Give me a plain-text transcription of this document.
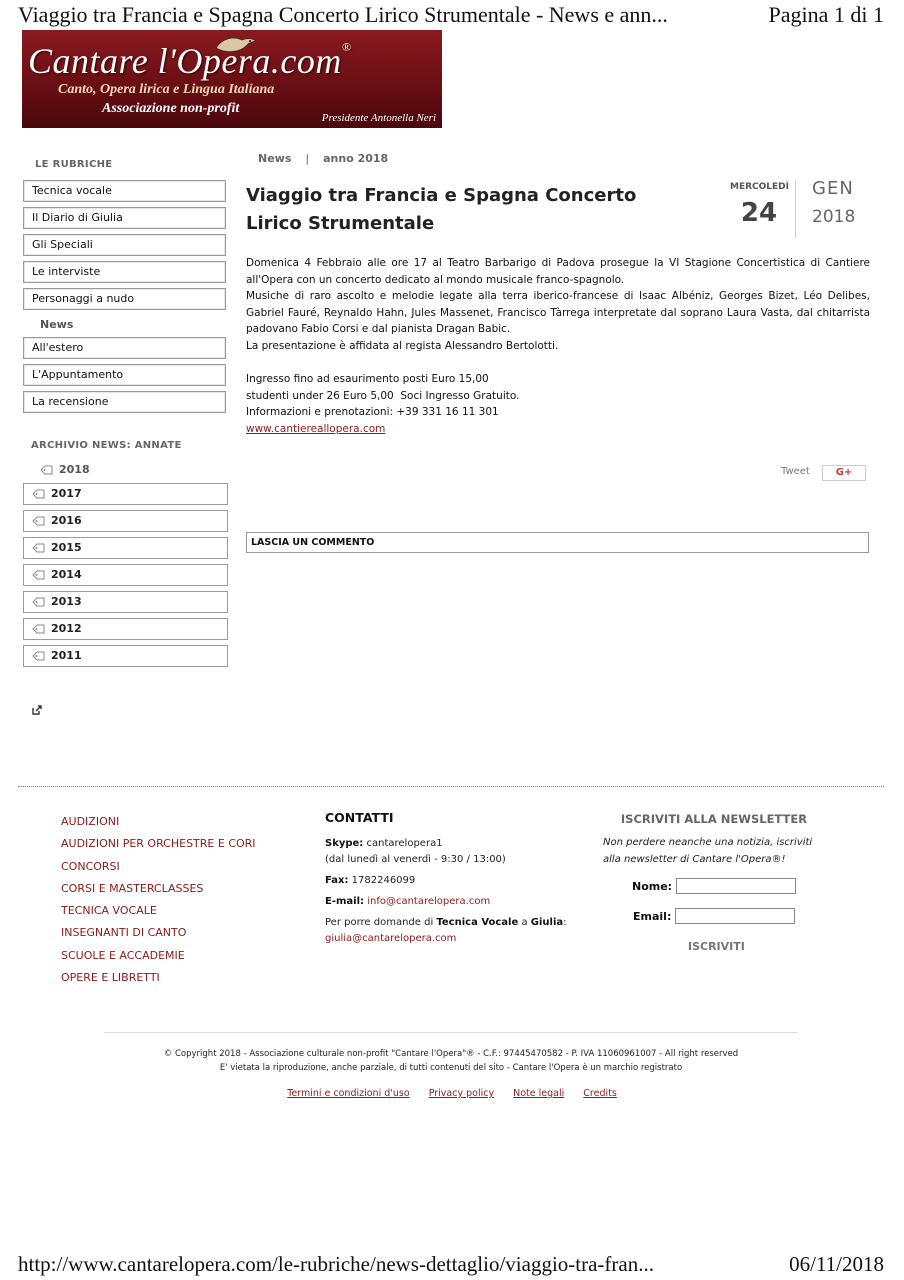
Viaggio tra Francia e Spagna Concerto Lirico Strumentale - News e ann...	Pagina 1 di 1
Cantare l'Opera.com®
Canto, Opera lirica e Lingua Italiana
Associazione non-profit
Presidente Antonella Neri
LE RUBRICHE
Tecnica vocale
Il Diario di Giulia
Gli Speciali
Le interviste
Personaggi a nudo
News
All'estero
L'Appuntamento
La recensione
ARCHIVIO NEWS: ANNATE
2018
2017
2016
2015
2014
2013
2012
2011
News | anno 2018
Viaggio tra Francia e Spagna Concerto Lirico Strumentale
MERCOLEDÌ
24
GEN
2018

Domenica 4 Febbraio alle ore 17 al Teatro Barbarigo di Padova prosegue la VI Stagione Concertistica di Cantiere all'Opera con un concerto dedicato al mondo musicale franco-spagnolo.

Musiche di raro ascolto e melodie legate alla terra iberico-francese di Isaac Albéniz, Georges Bizet, Léo Delibes, Gabriel Fauré, Reynaldo Hahn, Jules Massenet, Francisco Tàrrega interpretate dal soprano Laura Vasta, dal chitarrista padovano Fabio Corsi e dal pianista Dragan Babic.

La presentazione è affidata al regista Alessandro Bertolotti.

Ingresso fino ad esaurimento posti Euro 15,00

studenti under 26 Euro 5,00  Soci Ingresso Gratuito.

Informazioni e prenotazioni: +39 331 16 11 301

www.cantiereallopera.com

Tweet	G+
LASCIA UN COMMENTO
AUDIZIONI
AUDIZIONI PER ORCHESTRE E CORI
CONCORSI
CORSI E MASTERCLASSES
TECNICA VOCALE
INSEGNANTI DI CANTO
SCUOLE E ACCADEMIE
OPERE E LIBRETTI
CONTATTI
Skype: cantarelopera1
(dal lunedì al venerdì - 9:30 / 13:00)
Fax: 1782246099
E-mail: info@cantarelopera.com
Per porre domande di Tecnica Vocale a Giulia:
giulia@cantarelopera.com
ISCRIVITI ALLA NEWSLETTER
Non perdere neanche una notizia, iscriviti alla newsletter di Cantare l'Opera®!
Nome:
Email:
ISCRIVITI
© Copyright 2018 - Associazione culturale non-profit "Cantare l'Opera"® - C.F.: 97445470582 - P. IVA 11060961007 - All right reserved
E' vietata la riproduzione, anche parziale, di tutti contenuti del sito - Cantare l'Opera è un marchio registrato
Termini e condizioni d'uso Privacy policy Note legali Credits
http://www.cantarelopera.com/le-rubriche/news-dettaglio/viaggio-tra-fran...	06/11/2018
